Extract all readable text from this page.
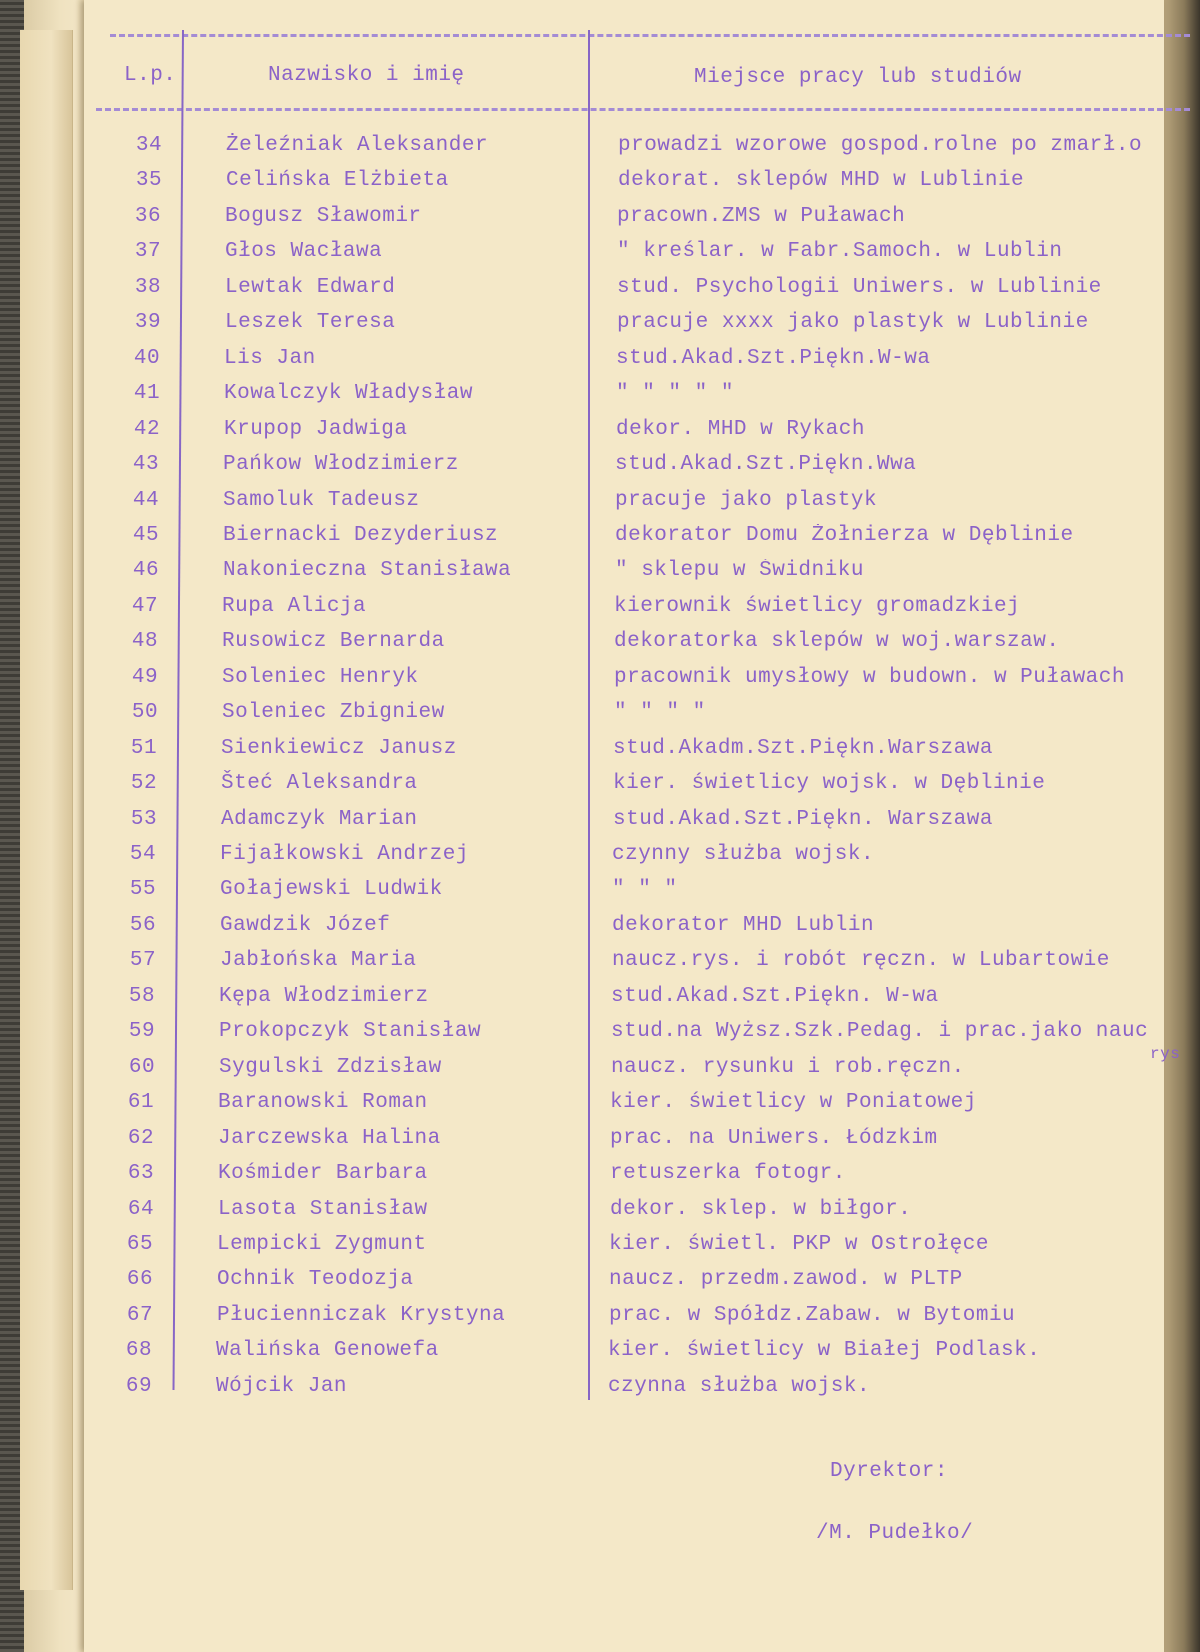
L.p.	Nazwisko i imię	Miejsce pracy lub studiów
34	Żeleźniak Aleksander	prowadzi wzorowe gospod.rolne po zmarł.o
35	Celińska Elżbieta	dekorat. sklepów MHD w Lublinie
36	Bogusz Sławomir	pracown.ZMS w Puławach
37	Głos Wacława	" kreślar. w Fabr.Samoch. w Lublin
38	Lewtak Edward	stud. Psychologii Uniwers. w Lublinie
39	Leszek Teresa	pracuje xxxx jako plastyk w Lublinie
40	Lis Jan	stud.Akad.Szt.Piękn.W-wa
41	Kowalczyk Władysław	" " " " "
42	Krupop Jadwiga	dekor. MHD w Rykach
43	Pańkow Włodzimierz	stud.Akad.Szt.Piękn.Wwa
44	Samoluk Tadeusz	pracuje jako plastyk
45	Biernacki Dezyderiusz	dekorator Domu Żołnierza w Dęblinie
46	Nakonieczna Stanisława	" sklepu w Świdniku
47	Rupa Alicja	kierownik świetlicy gromadzkiej
48	Rusowicz Bernarda	dekoratorka sklepów w woj.warszaw.
49	Soleniec Henryk	pracownik umysłowy w budown. w Puławach
50	Soleniec Zbigniew	" " " "
51	Sienkiewicz Janusz	stud.Akadm.Szt.Piękn.Warszawa
52	Šteć Aleksandra	kier. świetlicy wojsk. w Dęblinie
53	Adamczyk Marian	stud.Akad.Szt.Piękn. Warszawa
54	Fijałkowski Andrzej	czynny służba wojsk.
55	Gołajewski Ludwik	" " "
56	Gawdzik Józef	dekorator MHD Lublin
57	Jabłońska Maria	naucz.rys. i robót ręczn. w Lubartowie
58	Kępa Włodzimierz	stud.Akad.Szt.Piękn. W-wa
59	Prokopczyk Stanisław	stud.na Wyższ.Szk.Pedag. i prac.jako nauc
60	Sygulski Zdzisław	naucz. rysunku i rob.ręczn.
61	Baranowski Roman	kier. świetlicy w Poniatowej
62	Jarczewska Halina	prac. na Uniwers. Łódzkim
63	Kośmider Barbara	retuszerka fotogr.
64	Lasota Stanisław	dekor. sklep. w biłgor.
65	Lempicki Zygmunt	kier. świetl. PKP w Ostrołęce
66	Ochnik Teodozja	naucz. przedm.zawod. w PLTP
67	Płucienniczak Krystyna	prac. w Spółdz.Zabaw. w Bytomiu
68	Walińska Genowefa	kier. świetlicy w Białej Podlask.
69	Wójcik Jan	czynna służba wojsk.
rys
Dyrektor:
/M. Pudełko/
